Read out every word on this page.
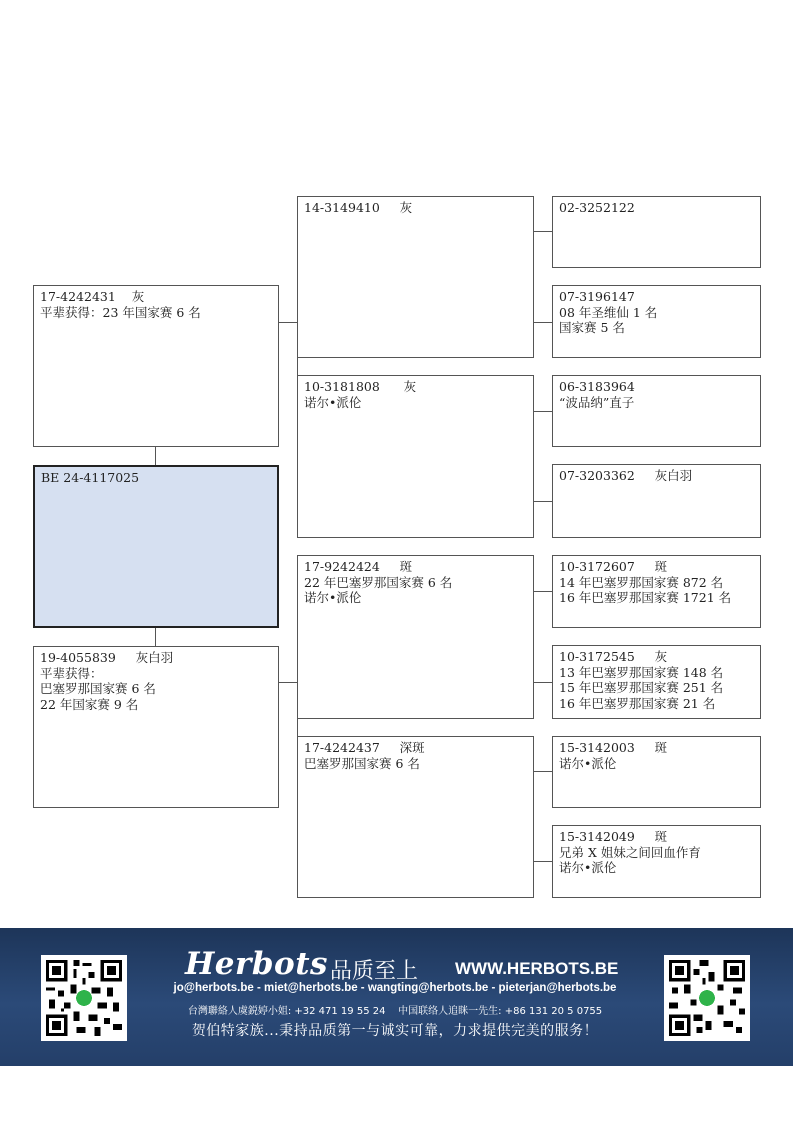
17-4242431    灰
平辈获得：23 年国家赛 6 名
BE 24-4117025
19-4055839     灰白羽
平辈获得：
巴塞罗那国家赛 6 名
22 年国家赛 9 名
14-3149410     灰
10-3181808      灰
诺尔•派伦
17-9242424     斑
22 年巴塞罗那国家赛 6 名
诺尔•派伦
17-4242437     深斑
巴塞罗那国家赛 6 名
02-3252122
07-3196147
08 年圣维仙 1 名
国家赛 5 名
06-3183964
“波品纳”直子
07-3203362     灰白羽
10-3172607     斑
14 年巴塞罗那国家赛 872 名
16 年巴塞罗那国家赛 1721 名
10-3172545     灰
13 年巴塞罗那国家赛 148 名
15 年巴塞罗那国家赛 251 名
16 年巴塞罗那国家赛 21 名
15-3142003     斑
诺尔•派伦
15-3142049     斑
兄弟 X 姐妹之间回血作育
诺尔•派伦
Herbots 品质至上 WWW.HERBOTS.BE
jo@herbots.be - miet@herbots.be - wangting@herbots.be - pieterjan@herbots.be
台灣聯絡人虞鋭婷小姐: +32 471 19 55 24    中国联络人追眯一先生: +86 131 20 5 0755
贺伯特家族...秉持品质第一与诚实可靠，力求提供完美的服务！
